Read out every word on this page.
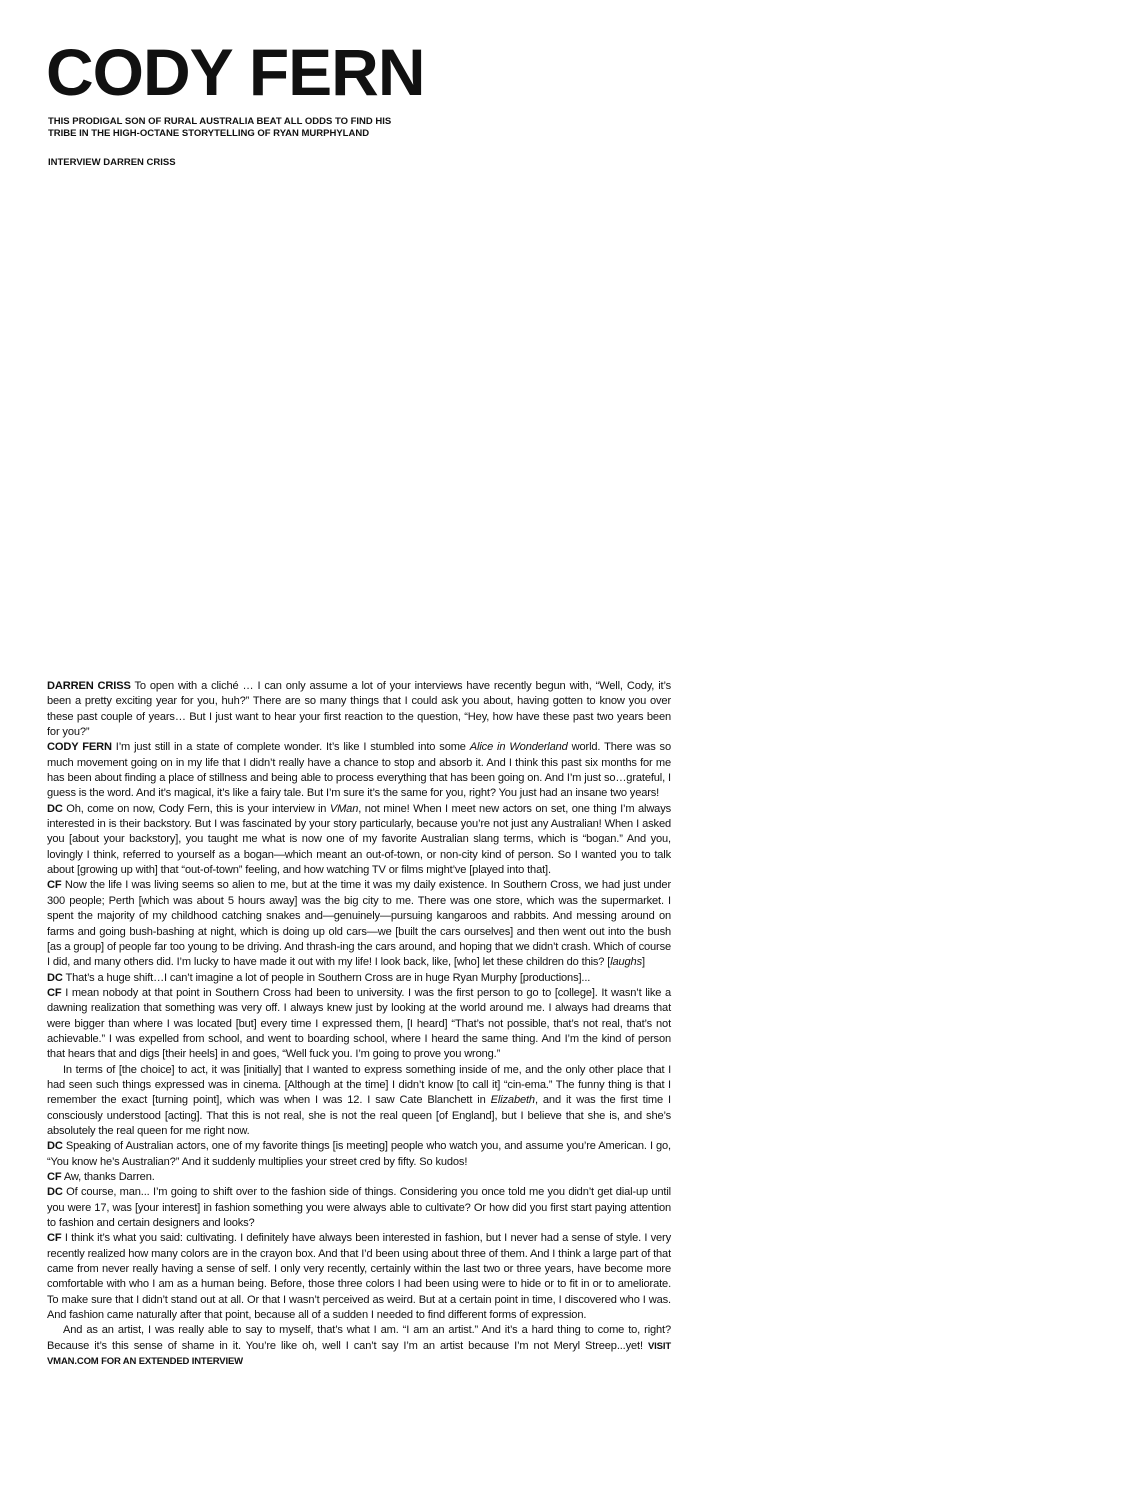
CODY FERN

THIS PRODIGAL SON OF RURAL AUSTRALIA BEAT ALL ODDS TO FIND HIS
TRIBE IN THE HIGH-OCTANE STORYTELLING OF RYAN MURPHYLAND

INTERVIEW DARREN CRISS

DARREN CRISS To open with a cliché … I can only assume a lot of your interviews have recently begun with, “Well, Cody, it’s been a pretty exciting year for you, huh?” There are so many things that I could ask you about, having gotten to know you over these past couple of years… But I just want to hear your first reaction to the question, “Hey, how have these past two years been for you?”

CODY FERN I’m just still in a state of complete wonder. It’s like I stumbled into some Alice in Wonderland world. There was so much movement going on in my life that I didn’t really have a chance to stop and absorb it. And I think this past six months for me has been about finding a place of stillness and being able to process everything that has been going on. And I’m just so…grateful, I guess is the word. And it’s magical, it’s like a fairy tale. But I’m sure it’s the same for you, right? You just had an insane two years!

DC Oh, come on now, Cody Fern, this is your interview in VMan, not mine! When I meet new actors on set, one thing I’m always interested in is their backstory. But I was fascinated by your story particularly, because you’re not just any Australian! When I asked you [about your backstory], you taught me what is now one of my favorite Australian slang terms, which is “bogan.” And you, lovingly I think, referred to yourself as a bogan—which meant an out-of-town, or non-city kind of person. So I wanted you to talk about [growing up with] that “out-of-town” feeling, and how watching TV or films might’ve [played into that].

CF Now the life I was living seems so alien to me, but at the time it was my daily existence. In Southern Cross, we had just under 300 people; Perth [which was about 5 hours away] was the big city to me. There was one store, which was the supermarket. I spent the majority of my childhood catching snakes and—genuinely—pursuing kangaroos and rabbits. And messing around on farms and going bush-bashing at night, which is doing up old cars—we [built the cars ourselves] and then went out into the bush [as a group] of people far too young to be driving. And thrash-ing the cars around, and hoping that we didn’t crash. Which of course I did, and many others did. I’m lucky to have made it out with my life! I look back, like, [who] let these children do this? [laughs]

DC That’s a huge shift…I can’t imagine a lot of people in Southern Cross are in huge Ryan Murphy [productions]...

CF I mean nobody at that point in Southern Cross had been to university. I was the first person to go to [college]. It wasn’t like a dawning realization that something was very off. I always knew just by looking at the world around me. I always had dreams that were bigger than where I was located [but] every time I expressed them, [I heard] “That’s not possible, that’s not real, that’s not achievable.” I was expelled from school, and went to boarding school, where I heard the same thing. And I’m the kind of person that hears that and digs [their heels] in and goes, “Well fuck you. I’m going to prove you wrong.”

In terms of [the choice] to act, it was [initially] that I wanted to express something inside of me, and the only other place that I had seen such things expressed was in cinema. [Although at the time] I didn’t know [to call it] “cin-ema.” The funny thing is that I remember the exact [turning point], which was when I was 12. I saw Cate Blanchett in Elizabeth, and it was the first time I consciously understood [acting]. That this is not real, she is not the real queen [of England], but I believe that she is, and she’s absolutely the real queen for me right now.

DC Speaking of Australian actors, one of my favorite things [is meeting] people who watch you, and assume you’re American. I go, “You know he’s Australian?” And it suddenly multiplies your street cred by fifty. So kudos!

CF Aw, thanks Darren.

DC Of course, man... I’m going to shift over to the fashion side of things. Considering you once told me you didn’t get dial-up until you were 17, was [your interest] in fashion something you were always able to cultivate? Or how did you first start paying attention to fashion and certain designers and looks?

CF I think it’s what you said: cultivating. I definitely have always been interested in fashion, but I never had a sense of style. I very recently realized how many colors are in the crayon box. And that I’d been using about three of them. And I think a large part of that came from never really having a sense of self. I only very recently, certainly within the last two or three years, have become more comfortable with who I am as a human being. Before, those three colors I had been using were to hide or to fit in or to ameliorate. To make sure that I didn’t stand out at all. Or that I wasn’t perceived as weird. But at a certain point in time, I discovered who I was. And fashion came naturally after that point, because all of a sudden I needed to find different forms of expression.

And as an artist, I was really able to say to myself, that’s what I am. “I am an artist.” And it’s a hard thing to come to, right? Because it’s this sense of shame in it. You’re like oh, well I can’t say I’m an artist because I’m not Meryl Streep...yet! VISIT VMAN.COM FOR AN EXTENDED INTERVIEW
